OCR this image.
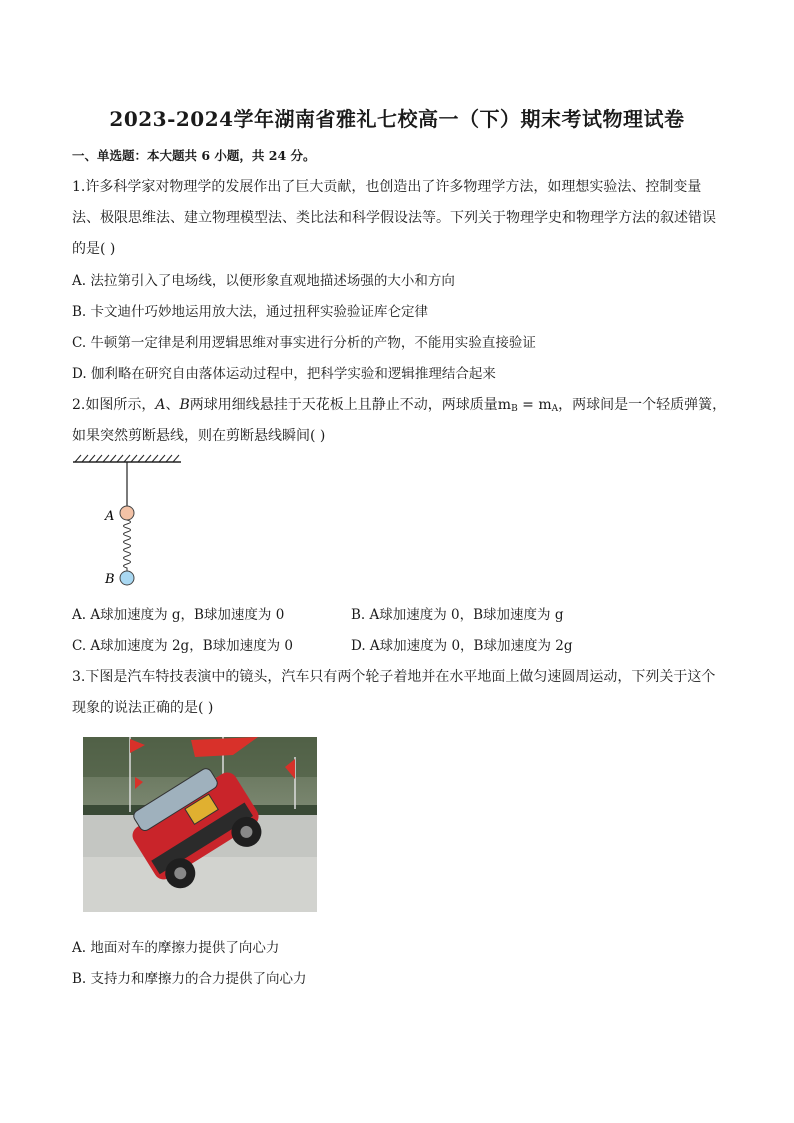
2023-2024学年湖南省雅礼七校高一（下）期末考试物理试卷
一、单选题：本大题共 6 小题，共 24 分。
1.许多科学家对物理学的发展作出了巨大贡献，也创造出了许多物理学方法，如理想实验法、控制变量
法、极限思维法、建立物理模型法、类比法和科学假设法等。下列关于物理学史和物理学方法的叙述错误
的是( )
A. 法拉第引入了电场线，以便形象直观地描述场强的大小和方向
B. 卡文迪什巧妙地运用放大法，通过扭秤实验验证库仑定律
C. 牛顿第一定律是利用逻辑思维对事实进行分析的产物，不能用实验直接验证
D. 伽利略在研究自由落体运动过程中，把科学实验和逻辑推理结合起来
2.如图所示，A、B两球用细线悬挂于天花板上且静止不动，两球质量$m_B = m_A$，两球间是一个轻质弹簧，
如果突然剪断悬线，则在剪断悬线瞬间( )
A
B
A. A球加速度为 g，B球加速度为 0	B. A球加速度为 0，B球加速度为 g
C. A球加速度为 2g，B球加速度为 0	D. A球加速度为 0，B球加速度为 2g
3.下图是汽车特技表演中的镜头，汽车只有两个轮子着地并在水平地面上做匀速圆周运动，下列关于这个
现象的说法正确的是( )
A. 地面对车的摩擦力提供了向心力
B. 支持力和摩擦力的合力提供了向心力
